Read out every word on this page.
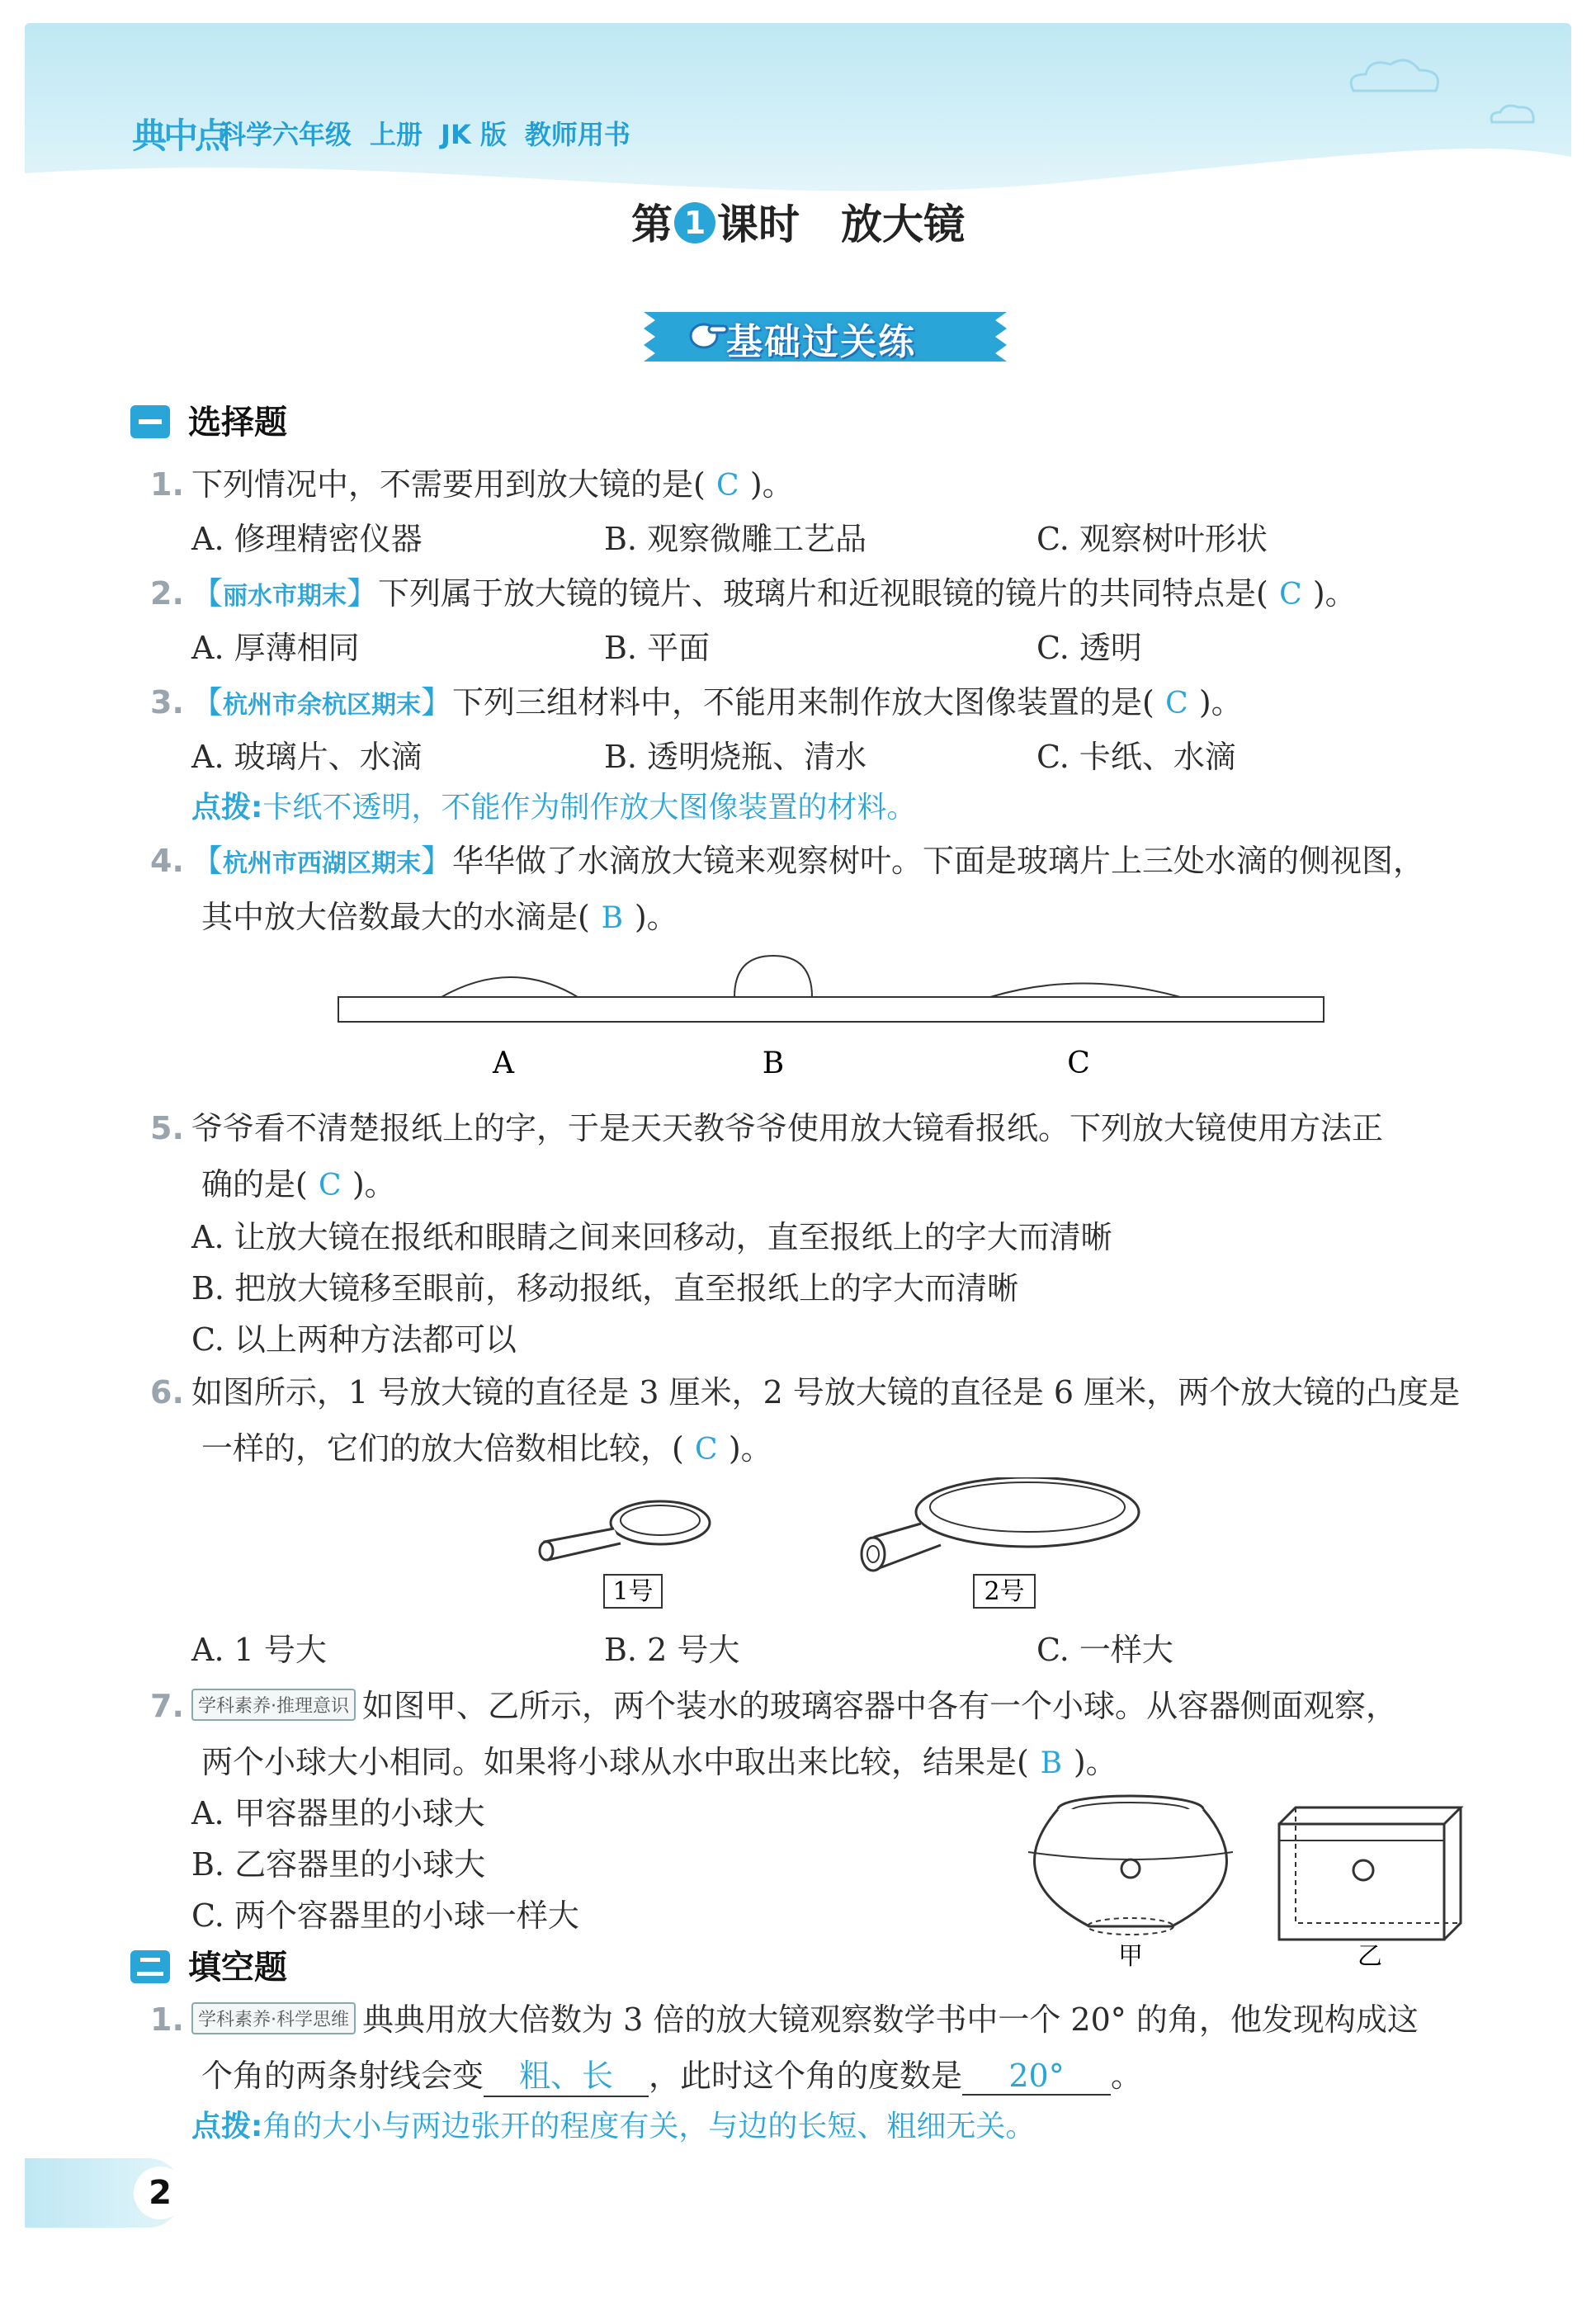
典中点
科学六年级 上册 JK 版 教师用书
第 1 课时 放大镜
基础过关练
选择题
1. 下列情况中，不需要用到放大镜的是( C )。
A. 修理精密仪器	B. 观察微雕工艺品	C. 观察树叶形状
2. 【丽水市期末】下列属于放大镜的镜片、玻璃片和近视眼镜的镜片的共同特点是( C )。
A. 厚薄相同	B. 平面	C. 透明
3. 【杭州市余杭区期末】下列三组材料中，不能用来制作放大图像装置的是( C )。
A. 玻璃片、水滴	B. 透明烧瓶、清水	C. 卡纸、水滴
点拨:卡纸不透明，不能作为制作放大图像装置的材料。
4. 【杭州市西湖区期末】华华做了水滴放大镜来观察树叶。下面是玻璃片上三处水滴的侧视图，
其中放大倍数最大的水滴是( B )。
A	B	C
5. 爷爷看不清楚报纸上的字，于是天天教爷爷使用放大镜看报纸。下列放大镜使用方法正
确的是( C )。
A. 让放大镜在报纸和眼睛之间来回移动，直至报纸上的字大而清晰
B. 把放大镜移至眼前，移动报纸，直至报纸上的字大而清晰
C. 以上两种方法都可以
6. 如图所示，1 号放大镜的直径是 3 厘米，2 号放大镜的直径是 6 厘米，两个放大镜的凸度是
一样的，它们的放大倍数相比较，( C )。
1号	2号
A. 1 号大	B. 2 号大	C. 一样大
7. 学科素养·推理意识 如图甲、乙所示，两个装水的玻璃容器中各有一个小球。从容器侧面观察，
两个小球大小相同。如果将小球从水中取出来比较，结果是( B )。
A. 甲容器里的小球大
B. 乙容器里的小球大
C. 两个容器里的小球一样大
甲	乙
填空题
1. 学科素养·科学思维 典典用放大倍数为 3 倍的放大镜观察数学书中一个 20° 的角，他发现构成这
个角的两条射线会变 粗、长 ，此时这个角的度数是 20° 。
点拨:角的大小与两边张开的程度有关，与边的长短、粗细无关。
2
